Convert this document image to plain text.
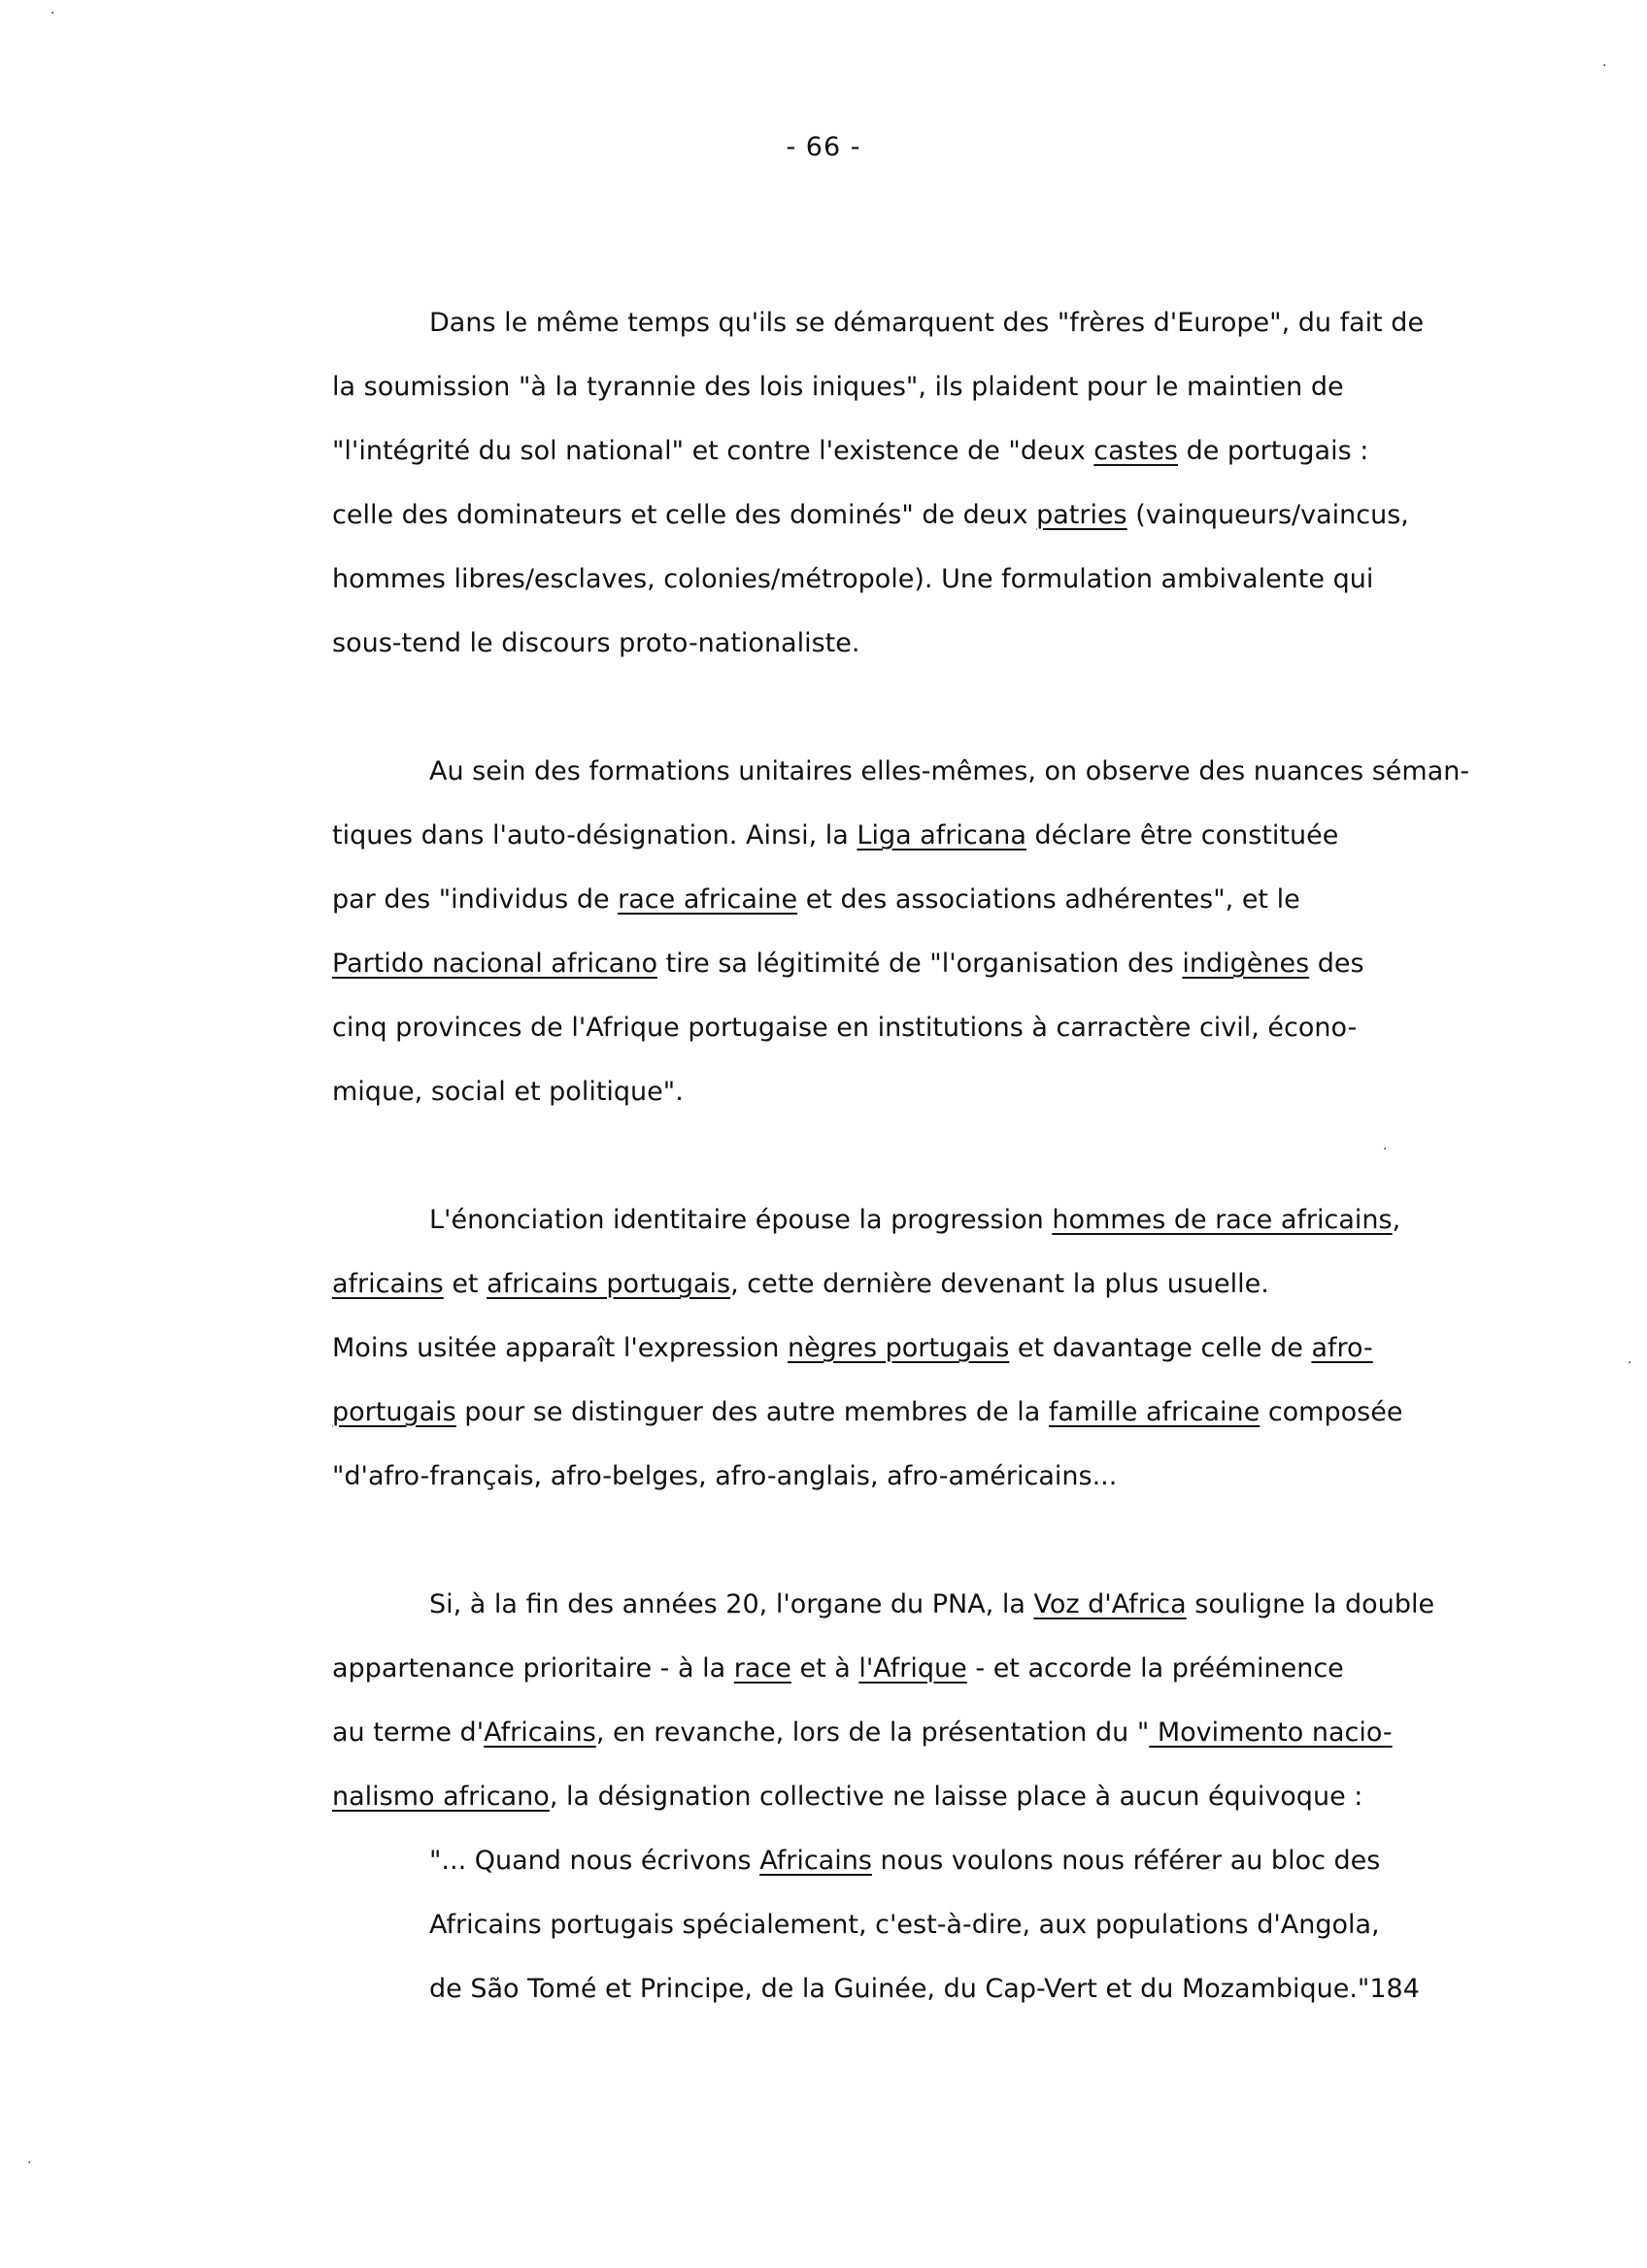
- 66 -
Dans le même temps qu'ils se démarquent des "frères d'Europe", du fait de
la soumission "à la tyrannie des lois iniques", ils plaident pour le maintien de
"l'intégrité du sol national" et contre l'existence de "deux castes de portugais :
celle des dominateurs et celle des dominés" de deux patries (vainqueurs/vaincus,
hommes libres/esclaves, colonies/métropole). Une formulation ambivalente qui
sous-tend le discours proto-nationaliste.
Au sein des formations unitaires elles-mêmes, on observe des nuances séman-
tiques dans l'auto-désignation. Ainsi, la Liga africana déclare être constituée
par des "individus de race africaine et des associations adhérentes", et le
Partido nacional africano tire sa légitimité de "l'organisation des indigènes des
cinq provinces de l'Afrique portugaise en institutions à carractère civil, écono-
mique, social et politique".
L'énonciation identitaire épouse la progression hommes de race africains,
africains et africains portugais, cette dernière devenant la plus usuelle.
Moins usitée apparaît l'expression nègres portugais et davantage celle de afro-
portugais pour se distinguer des autre membres de la famille africaine composée
"d'afro-français, afro-belges, afro-anglais, afro-américains...
Si, à la fin des années 20, l'organe du PNA, la Voz d'Africa souligne la double
appartenance prioritaire - à la race et à l'Afrique - et accorde la prééminence
au terme d'Africains, en revanche, lors de la présentation du " Movimento nacio-
nalismo africano, la désignation collective ne laisse place à aucun équivoque :
"... Quand nous écrivons Africains nous voulons nous référer au bloc des
Africains portugais spécialement, c'est-à-dire, aux populations d'Angola,
de São Tomé et Principe, de la Guinée, du Cap-Vert et du Mozambique."184
·
·
·
·
·
